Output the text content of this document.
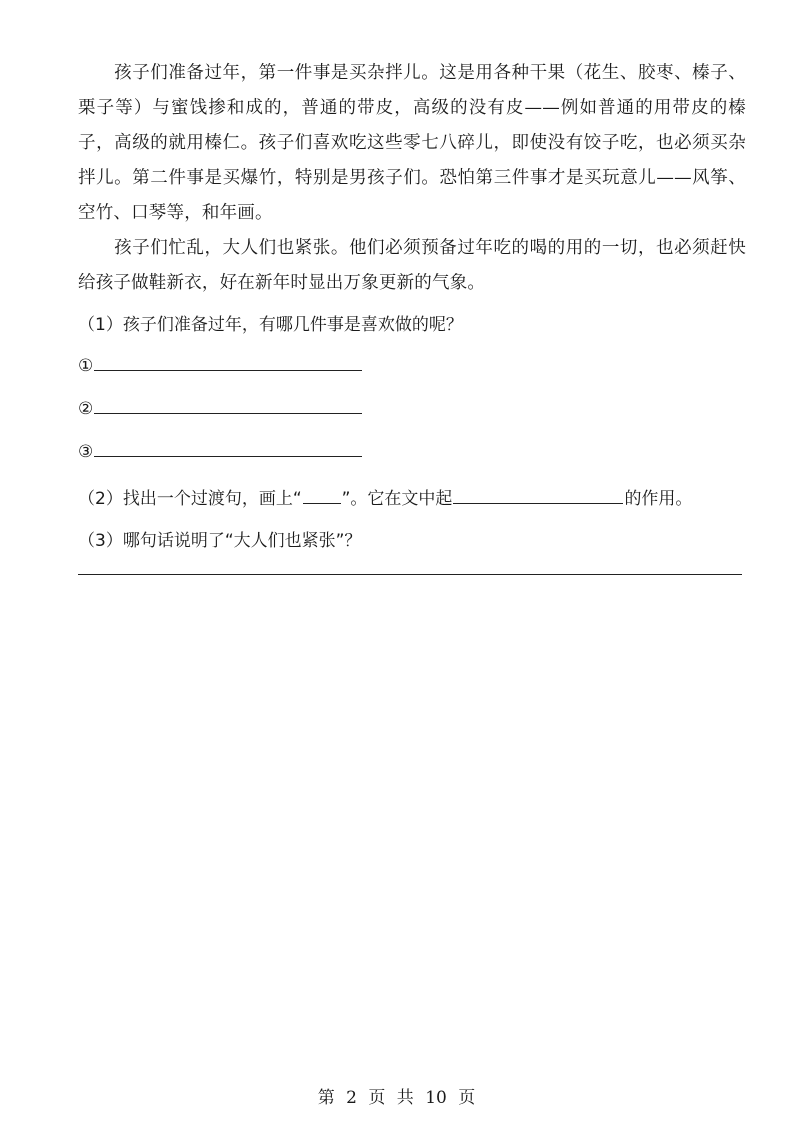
　　孩子们准备过年，第一件事是买杂拌儿。这是用各种干果（花生、胶枣、榛子、栗子等）与蜜饯掺和成的，普通的带皮，高级的没有皮——例如普通的用带皮的榛子，高级的就用榛仁。孩子们喜欢吃这些零七八碎儿，即使没有饺子吃，也必须买杂拌儿。第二件事是买爆竹，特别是男孩子们。恐怕第三件事才是买玩意儿——风筝、空竹、口琴等，和年画。

　　孩子们忙乱，大人们也紧张。他们必须预备过年吃的喝的用的一切，也必须赶快给孩子做鞋新衣，好在新年时显出万象更新的气象。

（1）孩子们准备过年，有哪几件事是喜欢做的呢？
①
②
③
（2）找出一个过渡句，画上“ ”。它在文中起	的作用。
（3）哪句话说明了“大人们也紧张”？
第 2 页 共 10 页
